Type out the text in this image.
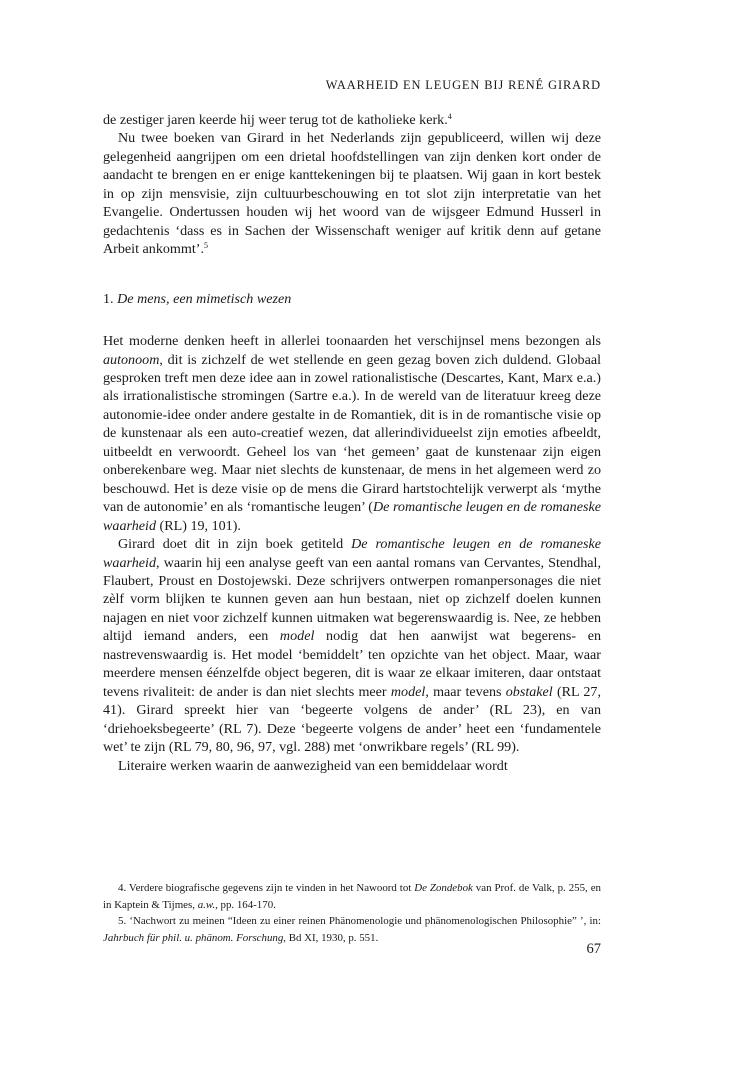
WAARHEID EN LEUGEN BIJ RENÉ GIRARD

de zestiger jaren keerde hij weer terug tot de katholieke kerk.$^4$

Nu twee boeken van Girard in het Nederlands zijn gepubliceerd, willen wij deze gelegenheid aangrijpen om een drietal hoofdstellingen van zijn denken kort onder de aandacht te brengen en er enige kanttekeningen bij te plaatsen. Wij gaan in kort bestek in op zijn mensvisie, zijn cultuurbeschouwing en tot slot zijn interpretatie van het Evangelie. Ondertussen houden wij het woord van de wijsgeer Edmund Husserl in gedachtenis ‘dass es in Sachen der Wissenschaft weniger auf kritik denn auf getane Arbeit ankommt’.$^5$

1. De mens, een mimetisch wezen

Het moderne denken heeft in allerlei toonaarden het verschijnsel mens bezongen als autonoom, dit is zichzelf de wet stellende en geen gezag boven zich duldend. Globaal gesproken treft men deze idee aan in zowel rationalistische (Descartes, Kant, Marx e.a.) als irrationalistische stromingen (Sartre e.a.). In de wereld van de literatuur kreeg deze autonomie-idee onder andere gestalte in de Romantiek, dit is in de romantische visie op de kunstenaar als een auto-creatief wezen, dat allerindividueelst zijn emoties afbeeldt, uitbeeldt en verwoordt. Geheel los van ‘het gemeen’ gaat de kunstenaar zijn eigen onberekenbare weg. Maar niet slechts de kunstenaar, de mens in het algemeen werd zo beschouwd. Het is deze visie op de mens die Girard hartstochtelijk verwerpt als ‘mythe van de autonomie’ en als ‘romantische leugen’ (De romantische leugen en de romaneske waarheid (RL) 19, 101).

Girard doet dit in zijn boek getiteld De romantische leugen en de romaneske waarheid, waarin hij een analyse geeft van een aantal romans van Cervantes, Stendhal, Flaubert, Proust en Dostojewski. Deze schrijvers ontwerpen romanpersonages die niet zèlf vorm blijken te kunnen geven aan hun bestaan, niet op zichzelf doelen kunnen najagen en niet voor zichzelf kunnen uitmaken wat begerenswaardig is. Nee, ze hebben altijd iemand anders, een model nodig dat hen aanwijst wat begerens- en nastrevenswaardig is. Het model ‘bemiddelt’ ten opzichte van het object. Maar, waar meerdere mensen éénzelfde object begeren, dit is waar ze elkaar imiteren, daar ontstaat tevens rivaliteit: de ander is dan niet slechts meer model, maar tevens obstakel (RL 27, 41). Girard spreekt hier van ‘begeerte volgens de ander’ (RL 23), en van ‘driehoeksbegeerte’ (RL 7). Deze ‘begeerte volgens de ander’ heet een ‘fundamentele wet’ te zijn (RL 79, 80, 96, 97, vgl. 288) met ‘onwrikbare regels’ (RL 99).

Literaire werken waarin de aanwezigheid van een bemiddelaar wordt

4. Verdere biografische gegevens zijn te vinden in het Nawoord tot De Zondebok van Prof. de Valk, p. 255, en in Kaptein & Tijmes, a.w., pp. 164-170.

5. ‘Nachwort zu meinen “Ideen zu einer reinen Phänomenologie und phänomenologischen Philosophie” ’, in: Jahrbuch für phil. u. phänom. Forschung, Bd XI, 1930, p. 551.

67
